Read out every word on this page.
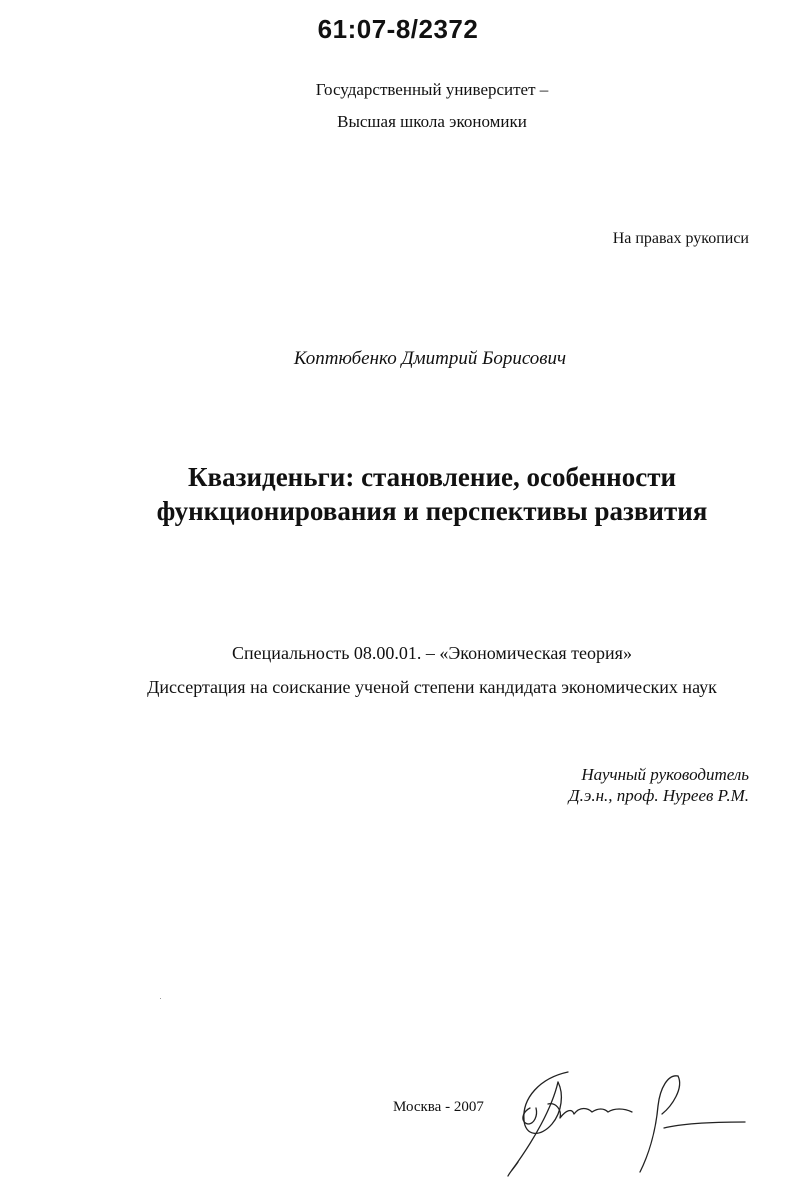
61:07-8/2372
Государственный университет –
Высшая школа экономики
На правах рукописи
Коптюбенко Дмитрий Борисович
Квазиденьги: становление, особенности
функционирования и перспективы развития
Специальность 08.00.01. – «Экономическая теория»
Диссертация на соискание ученой степени кандидата экономических наук
Научный руководитель
Д.э.н., проф. Нуреев Р.М.
Москва - 2007
